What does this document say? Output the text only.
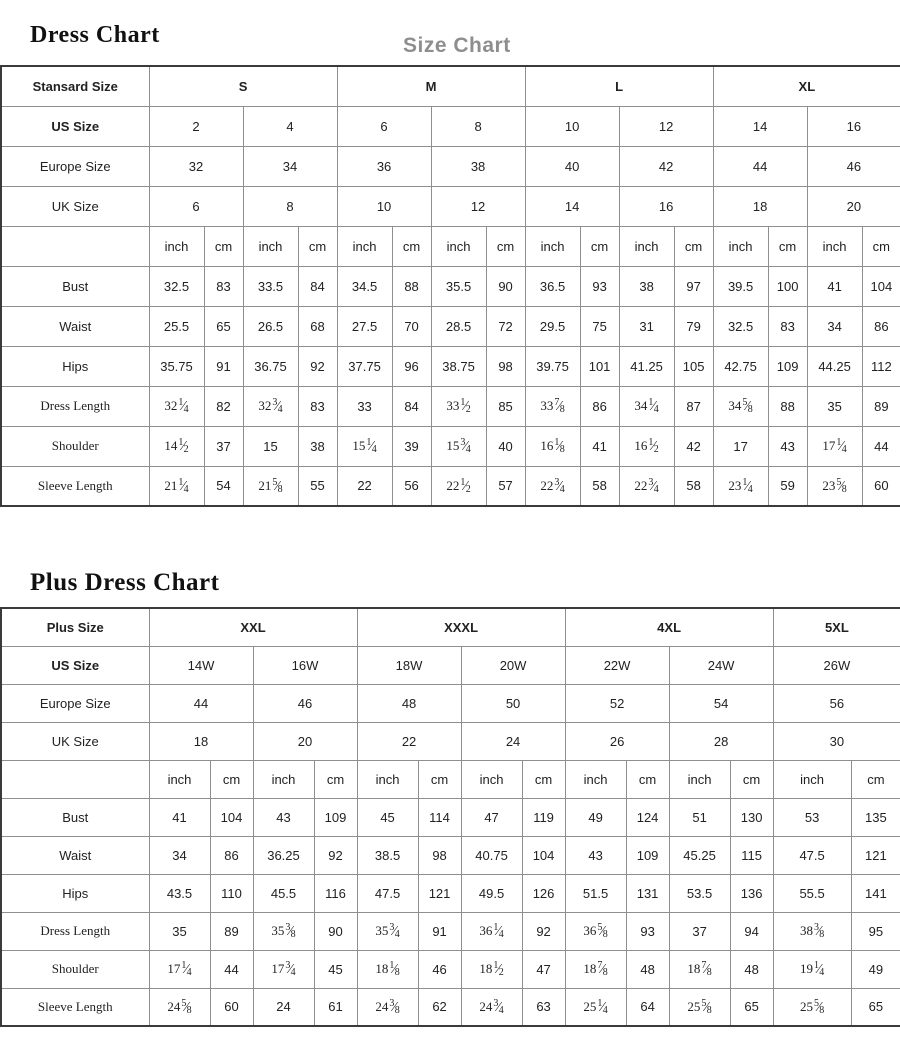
Dress Chart	Size Chart
Stansard Size	S				M				L				XL			
US Size	2		4		6		8		10		12		14		16	
Europe Size	32		34		36		38		40		42		44		46	
UK Size	6		8		10		12		14		16		18		20	
	inch	cm	inch	cm	inch	cm	inch	cm	inch	cm	inch	cm	inch	cm	inch	cm
Bust	32.5	83	33.5	84	34.5	88	35.5	90	36.5	93	38	97	39.5	100	41	104
Waist	25.5	65	26.5	68	27.5	70	28.5	72	29.5	75	31	79	32.5	83	34	86
Hips	35.75	91	36.75	92	37.75	96	38.75	98	39.75	101	41.25	105	42.75	109	44.25	112
Dress Length	$32^1⁄_4$	82	$32^3⁄_4$	83	33	84	$33^1⁄_2$	85	$33^7⁄_8$	86	$34^1⁄_4$	87	$34^5⁄_8$	88	35	89
Shoulder	$14^1⁄_2$	37	15	38	$15^1⁄_4$	39	$15^3⁄_4$	40	$16^1⁄_8$	41	$16^1⁄_2$	42	17	43	$17^1⁄_4$	44
Sleeve Length	$21^1⁄_4$	54	$21^5⁄_8$	55	22	56	$22^1⁄_2$	57	$22^3⁄_4$	58	$22^3⁄_4$	58	$23^1⁄_4$	59	$23^5⁄_8$	60
Plus Dress Chart
Plus Size	XXL				XXXL				4XL				5XL	
US Size	14W		16W		18W		20W		22W		24W		26W	
Europe Size	44		46		48		50		52		54		56	
UK Size	18		20		22		24		26		28		30	
	inch	cm	inch	cm	inch	cm	inch	cm	inch	cm	inch	cm	inch	cm
Bust	41	104	43	109	45	114	47	119	49	124	51	130	53	135
Waist	34	86	36.25	92	38.5	98	40.75	104	43	109	45.25	115	47.5	121
Hips	43.5	110	45.5	116	47.5	121	49.5	126	51.5	131	53.5	136	55.5	141
Dress Length	35	89	$35^3⁄_8$	90	$35^3⁄_4$	91	$36^1⁄_4$	92	$36^5⁄_8$	93	37	94	$38^3⁄_8$	95
Shoulder	$17^1⁄_4$	44	$17^3⁄_4$	45	$18^1⁄_8$	46	$18^1⁄_2$	47	$18^7⁄_8$	48	$18^7⁄_8$	48	$19^1⁄_4$	49
Sleeve Length	$24^5⁄_8$	60	24	61	$24^3⁄_8$	62	$24^3⁄_4$	63	$25^1⁄_4$	64	$25^5⁄_8$	65	$25^5⁄_8$	65
